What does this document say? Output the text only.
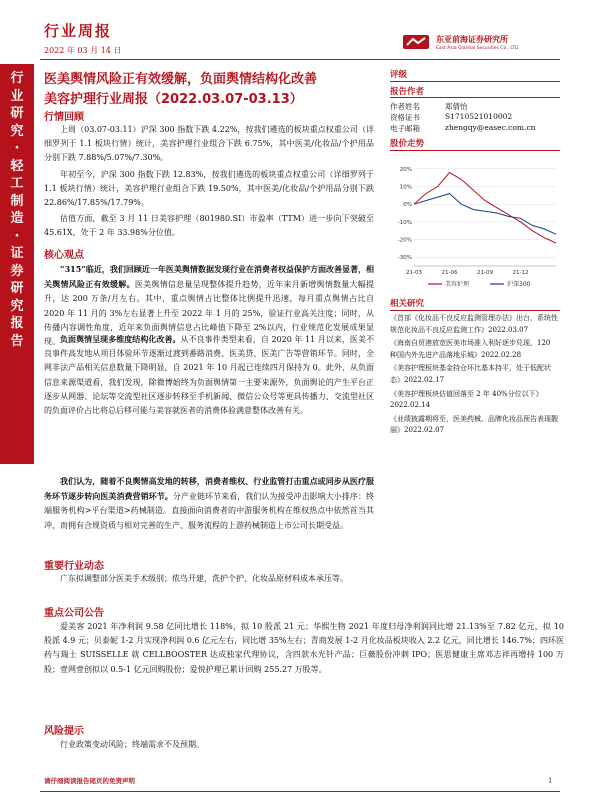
行业周报
2022 年 03 月 14 日
东亚前海证券研究所
East Asia Qianhai Securities Co., LTD
行
业
研
究
·
轻
工
制
造
·
证
券
研
究
报
告
医美舆情风险正有效缓解，负面舆情结构化改善
美容护理行业周报（2022.03.07-03.13）
行情回顾
上周（03.07-03.11）沪深 300 指数下跌 4.22%，按我们遴选的板块重点权重公司（详细罗列于 1.1 板块行情）统计，美容护理行业组合下跌 6.75%，其中医美/化妆品/个护用品分别下跌 7.88%/5.07%/7.30%。
年初至今，沪深 300 指数下跌 12.83%，按我们遴选的板块重点权重公司（详细罗列于 1.1 板块行情）统计，美容护理行业组合下跌 19.50%，其中医美/化妆品/个护用品分别下跌 22.86%/17.85%/17.79%。
估值方面，截至 3 月 11 日美容护理（801980.SI）市盈率（TTM）进一步向下突破至 45.61X，处于 2 年 33.98%分位值。
核心观点
“315”临近，我们回顾近一年医美舆情数据发现行业在消费者权益保护方面改善显著，相关舆情风险正有效缓解。医美舆情信息量呈现整体提升趋势，近年来月新增舆情数量大幅提升，达 200 万条/月左右。其中，重点舆情占比整体比例提升迅速，每月重点舆情占比自 2020 年 11 月的 3%左右显著上升至 2022 年 1 月的 25%，验证行业高关注度；同时，从传播内容调性角度，近年来负面舆情信息占比峰值下降至 2%以内，行业规范化发展成果显现。 负面舆情呈现多维度结构化改善。从不良事件类型来看，自 2020 年 11 月以来，医美不良事件高发地从项目体验环节逐渐过渡到番路消费、医美贷、医美广告等营销环节。同时，全网非法产品相关信息数量下降明显，自 2021 年 10 月起已连续四月保持为 0。此外，从负面信息来源渠道看，我们发现，除微博始终为负面舆情第一主要来源外，负面舆论的产生平台正逐步从网器、论坛等交流型社区逐步转移至手机新闻、微信公众号等更具传播力、交流型社区的负面评价占比将总后移可能与美容就医者的消费体验满意整体改善有关。
我们认为，随着不良舆情高发地的转移，消费者维权、行业监管打击重点或同步从医疗服务环节逐步转向医美消费营销环节。分产业链环节来看，我们认为接受冲击影响大小排序：终端服务机构>平台渠道>药械制造。直接面向消费者的中游服务机构在维权热点中依然首当其冲，而拥有合规资质与相对完善的生产、服务流程的上游药械制造上市公司长期受益。
重要行业动态
广东拟调整部分医美手术级别；侬鸟开建，洗护个护、化妆品原材料成本承压等。
重点公司公告
爱美客 2021 年净利润 9.58 亿同比增长 118%，拟 10 股派 21 元；华熙生物 2021 年度归母净利润同比增 21.13%至 7.82 亿元，拟 10 股派 4.9 元；贝泰妮 1-2 月实现净利润 0.6 亿元左右，同比增 35%左右；青商发展 1-2 月化妆品板块收入 2.2 亿元，同比增长 146.7%；四环医药与瑞士 SUISSELLE 就 CELLBOOSTER 达成独家代理协议，含四款水光针产品；巨薇股份冲刺 IPO；医思健康主席邓志祥再增持 100 万股；壹网壹创拟以 0.5-1 亿元回购股份；爱悦护理已累计回购 255.27 万股等。
风险提示
行业政策变动风险；终端需求不及预期。
评级
报告作者
作者姓名	郑倩怡
资格证书	S1710521010002
电子邮箱	zhengqy@easec.com.cn
股价走势
20%
10%
0%
-10%
-20%
-30%
21-03	21-06	21-09	21-12
美容护理	沪深300
相关研究
《首部《化妆品不良反应监测管理办法》出台，系统性规范化妆品不良反应监测工作》2022.03.07
《海南自贸港放宽医美市场准入利好逐步兑现，120 种国内外先进产品落地乐城》2022.02.28
《美容护理板块基金持仓环比基本持平，处于低配状态》2022.02.17
《美容护理板块估值回落至 2 年 40%分位以下》2022.02.14
《业绩披露期将至，医美药械、品牌化妆品预告表现靓丽》2022.02.07
请仔细阅读报告尾页的免责声明	1
